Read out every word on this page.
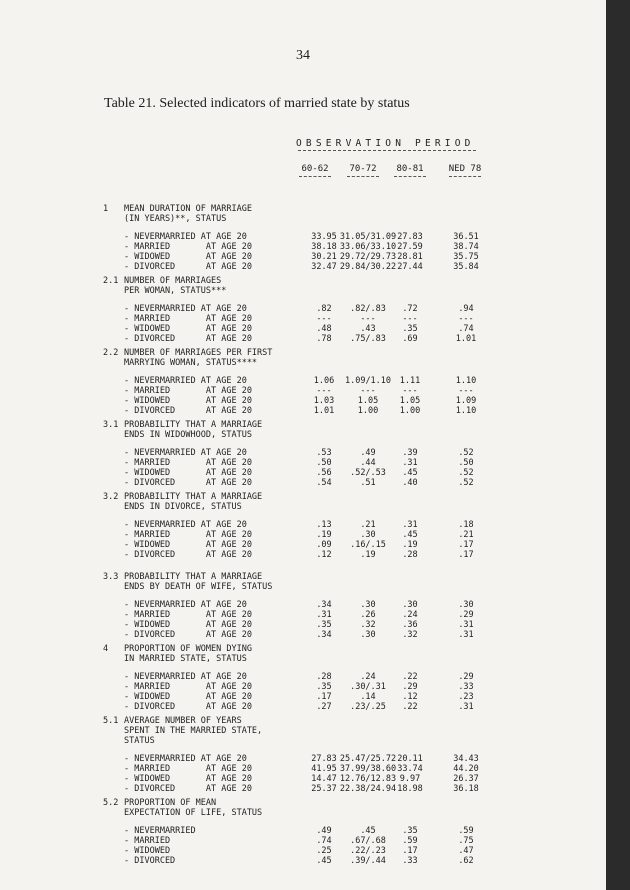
34
Table 21. Selected indicators of married state by status
OBSERVATION PERIOD
60-62	70-72	80-81	NED 78
1 MEAN DURATION OF MARRIAGE
(IN YEARS)**, STATUS
- NEVERMARRIED AT AGE 20	33.95 31.05/31.09 27.83	36.51
- MARRIED       AT AGE 20	38.18 33.06/33.10 27.59	38.74
- WIDOWED       AT AGE 20	30.21 29.72/29.73 28.81	35.75
- DIVORCED      AT AGE 20	32.47 29.84/30.22 27.44	35.84
2.1 NUMBER OF MARRIAGES
PER WOMAN, STATUS***
- NEVERMARRIED AT AGE 20	.82	.82/.83	.72	.94
- MARRIED       AT AGE 20	---	---	---	---
- WIDOWED       AT AGE 20	.48	.43	.35	.74
- DIVORCED      AT AGE 20	.78	.75/.83	.69	1.01
2.2 NUMBER OF MARRIAGES PER FIRST
MARRYING WOMAN, STATUS****
- NEVERMARRIED AT AGE 20	1.06	1.09/1.10	1.11	1.10
- MARRIED       AT AGE 20	---	---	---	---
- WIDOWED       AT AGE 20	1.03	1.05	1.05	1.09
- DIVORCED      AT AGE 20	1.01	1.00	1.00	1.10
3.1 PROBABILITY THAT A MARRIAGE
ENDS IN WIDOWHOOD, STATUS
- NEVERMARRIED AT AGE 20	.53	.49	.39	.52
- MARRIED       AT AGE 20	.50	.44	.31	.50
- WIDOWED       AT AGE 20	.56	.52/.53	.45	.52
- DIVORCED      AT AGE 20	.54	.51	.40	.52
3.2 PROBABILITY THAT A MARRIAGE
ENDS IN DIVORCE, STATUS
- NEVERMARRIED AT AGE 20	.13	.21	.31	.18
- MARRIED       AT AGE 20	.19	.30	.45	.21
- WIDOWED       AT AGE 20	.09	.16/.15	.19	.17
- DIVORCED      AT AGE 20	.12	.19	.28	.17
3.3 PROBABILITY THAT A MARRIAGE
ENDS BY DEATH OF WIFE, STATUS
- NEVERMARRIED AT AGE 20	.34	.30	.30	.30
- MARRIED       AT AGE 20	.31	.26	.24	.29
- WIDOWED       AT AGE 20	.35	.32	.36	.31
- DIVORCED      AT AGE 20	.34	.30	.32	.31
4 PROPORTION OF WOMEN DYING
IN MARRIED STATE, STATUS
- NEVERMARRIED AT AGE 20	.28	.24	.22	.29
- MARRIED       AT AGE 20	.35	.30/.31	.29	.33
- WIDOWED       AT AGE 20	.17	.14	.12	.23
- DIVORCED      AT AGE 20	.27	.23/.25	.22	.31
5.1 AVERAGE NUMBER OF YEARS
SPENT IN THE MARRIED STATE,
STATUS
- NEVERMARRIED AT AGE 20	27.83 25.47/25.72 20.11	34.43
- MARRIED       AT AGE 20	41.95 37.99/38.60 33.74	44.20
- WIDOWED       AT AGE 20	14.47 12.76/12.83 9.97	26.37
- DIVORCED      AT AGE 20	25.37 22.38/24.94 18.98	36.18
5.2 PROPORTION OF MEAN
EXPECTATION OF LIFE, STATUS
- NEVERMARRIED	.49	.45	.35	.59
- MARRIED	.74	.67/.68	.59	.75
- WIDOWED	.25	.22/.23	.17	.47
- DIVORCED	.45	.39/.44	.33	.62
